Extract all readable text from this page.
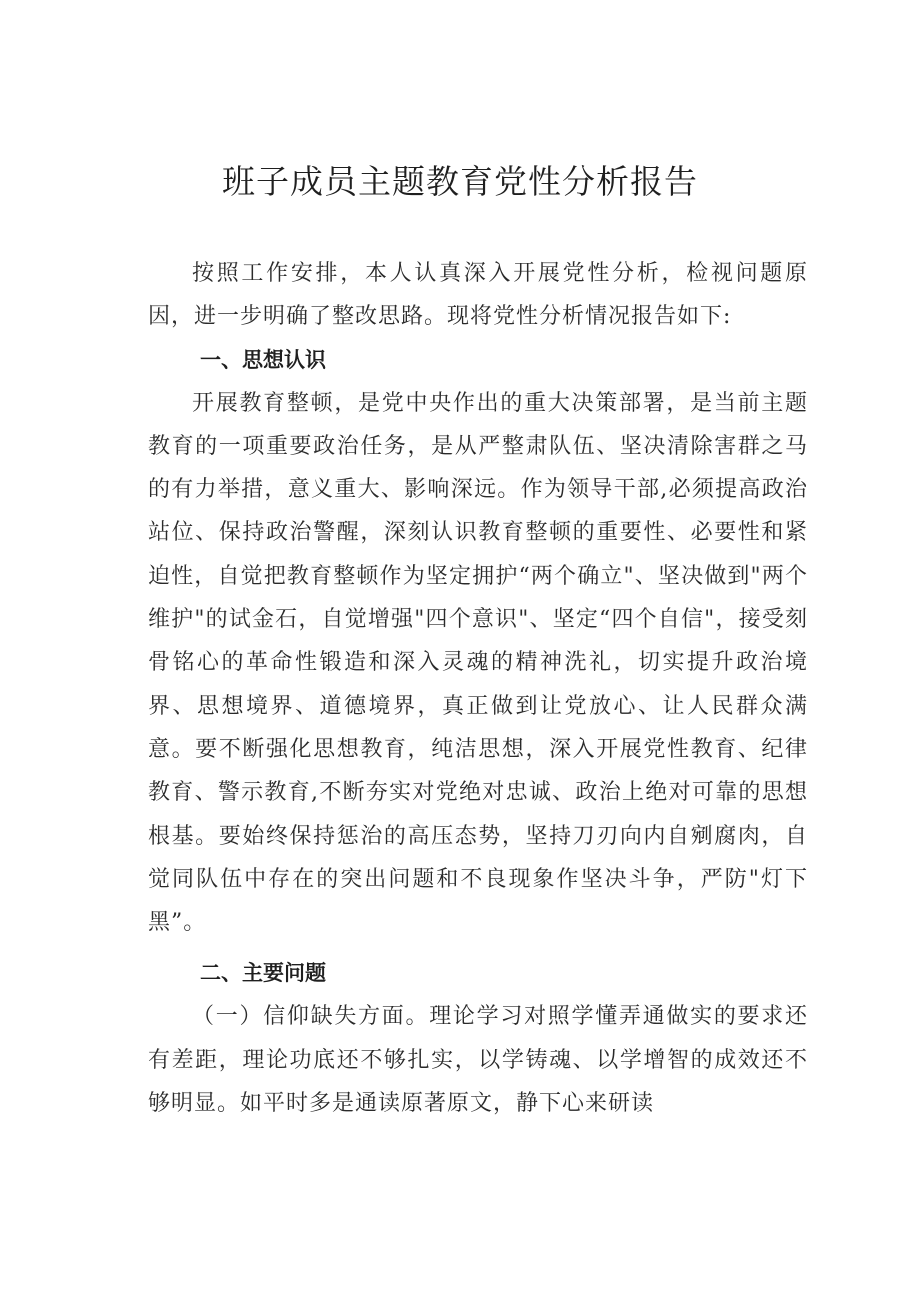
班子成员主题教育党性分析报告

按照工作安排，本人认真深入开展党性分析，检视问题原因，进一步明确了整改思路。现将党性分析情况报告如下:

一、思想认识

开展教育整顿，是党中央作出的重大决策部署，是当前主题教育的一项重要政治任务，是从严整肃队伍、坚决清除害群之马的有力举措，意义重大、影响深远。作为领导干部,必须提高政治站位、保持政治警醒，深刻认识教育整顿的重要性、必要性和紧迫性，自觉把教育整顿作为坚定拥护“两个确立"、坚决做到"两个维护"的试金石，自觉增强"四个意识"、坚定“四个自信"，接受刻骨铭心的革命性锻造和深入灵魂的精神洗礼，切实提升政治境界、思想境界、道德境界，真正做到让党放心、让人民群众满意。要不断强化思想教育，纯洁思想，深入开展党性教育、纪律教育、警示教育,不断夯实对党绝对忠诚、政治上绝对可靠的思想根基。要始终保持惩治的高压态势，坚持刀刃向内自剜腐肉，自觉同队伍中存在的突出问题和不良现象作坚决斗争，严防"灯下黑”。

二、主要问题

（一）信仰缺失方面。理论学习对照学懂弄通做实的要求还有差距，理论功底还不够扎实，以学铸魂、以学增智的成效还不够明显。如平时多是通读原著原文，静下心来研读
